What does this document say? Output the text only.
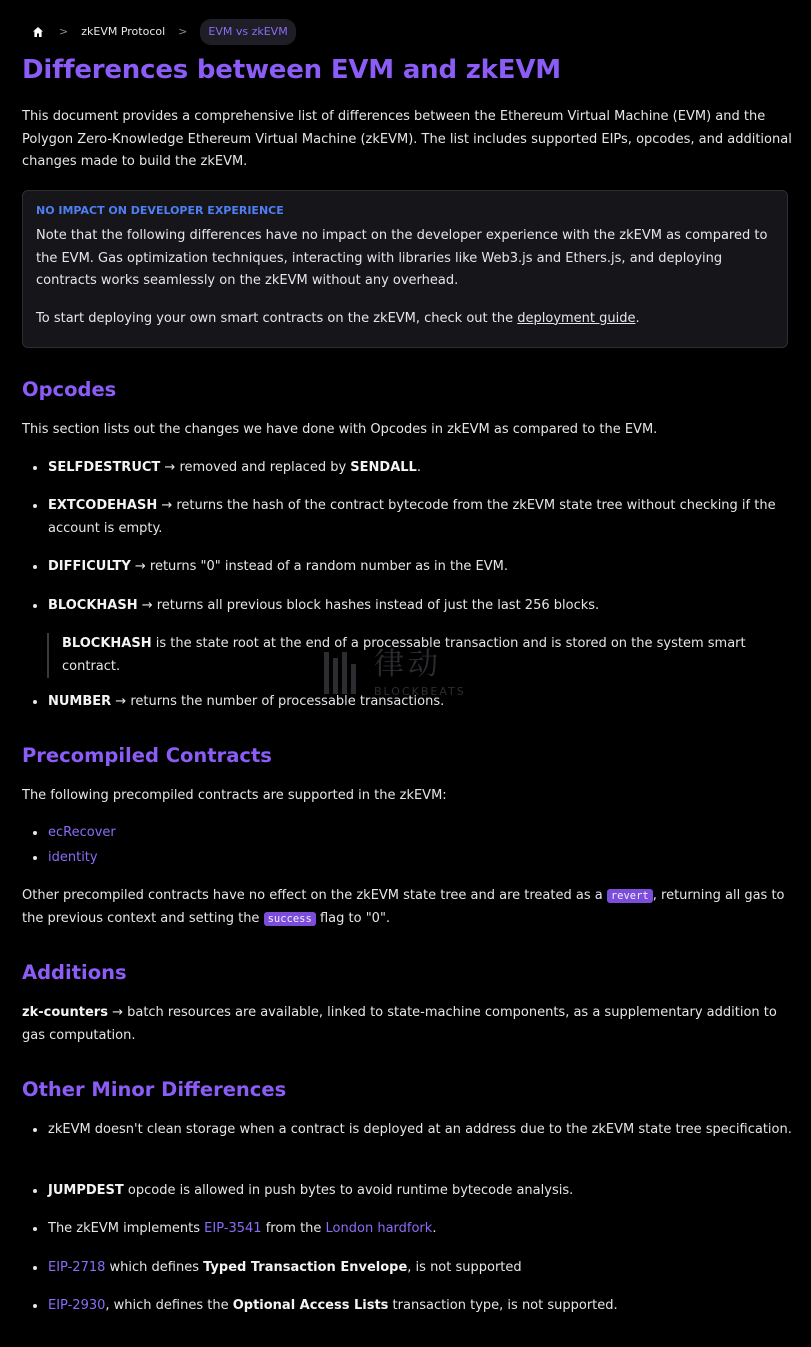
> zkEVM Protocol >	EVM vs zkEVM
Differences between EVM and zkEVM

This document provides a comprehensive list of differences between the Ethereum Virtual Machine (EVM) and the Polygon Zero-Knowledge Ethereum Virtual Machine (zkEVM). The list includes supported EIPs, opcodes, and additional changes made to build the zkEVM.

NO IMPACT ON DEVELOPER EXPERIENCE

Note that the following differences have no impact on the developer experience with the zkEVM as compared to the EVM. Gas optimization techniques, interacting with libraries like Web3.js and Ethers.js, and deploying contracts works seamlessly on the zkEVM without any overhead.

To start deploying your own smart contracts on the zkEVM, check out the deployment guide.

Opcodes

This section lists out the changes we have done with Opcodes in zkEVM as compared to the EVM.

SELFDESTRUCT → removed and replaced by SENDALL.
EXTCODEHASH → returns the hash of the contract bytecode from the zkEVM state tree without checking if the account is empty.
DIFFICULTY → returns "0" instead of a random number as in the EVM.
BLOCKHASH → returns all previous block hashes instead of just the last 256 blocks.
BLOCKHASH is the state root at the end of a processable transaction and is stored on the system smart contract.
NUMBER → returns the number of processable transactions.
Precompiled Contracts

The following precompiled contracts are supported in the zkEVM:

ecRecover
identity

Other precompiled contracts have no effect on the zkEVM state tree and are treated as a revert , returning all gas to the previous context and setting the success flag to "0".

Additions

zk-counters → batch resources are available, linked to state-machine components, as a supplementary addition to gas computation.

Other Minor Differences
zkEVM doesn't clean storage when a contract is deployed at an address due to the zkEVM state tree specification.
JUMPDEST opcode is allowed in push bytes to avoid runtime bytecode analysis.
The zkEVM implements EIP-3541 from the London hardfork.
EIP-2718 which defines Typed Transaction Envelope, is not supported
EIP-2930, which defines the Optional Access Lists transaction type, is not supported.
律动
BLOCKBEATS
